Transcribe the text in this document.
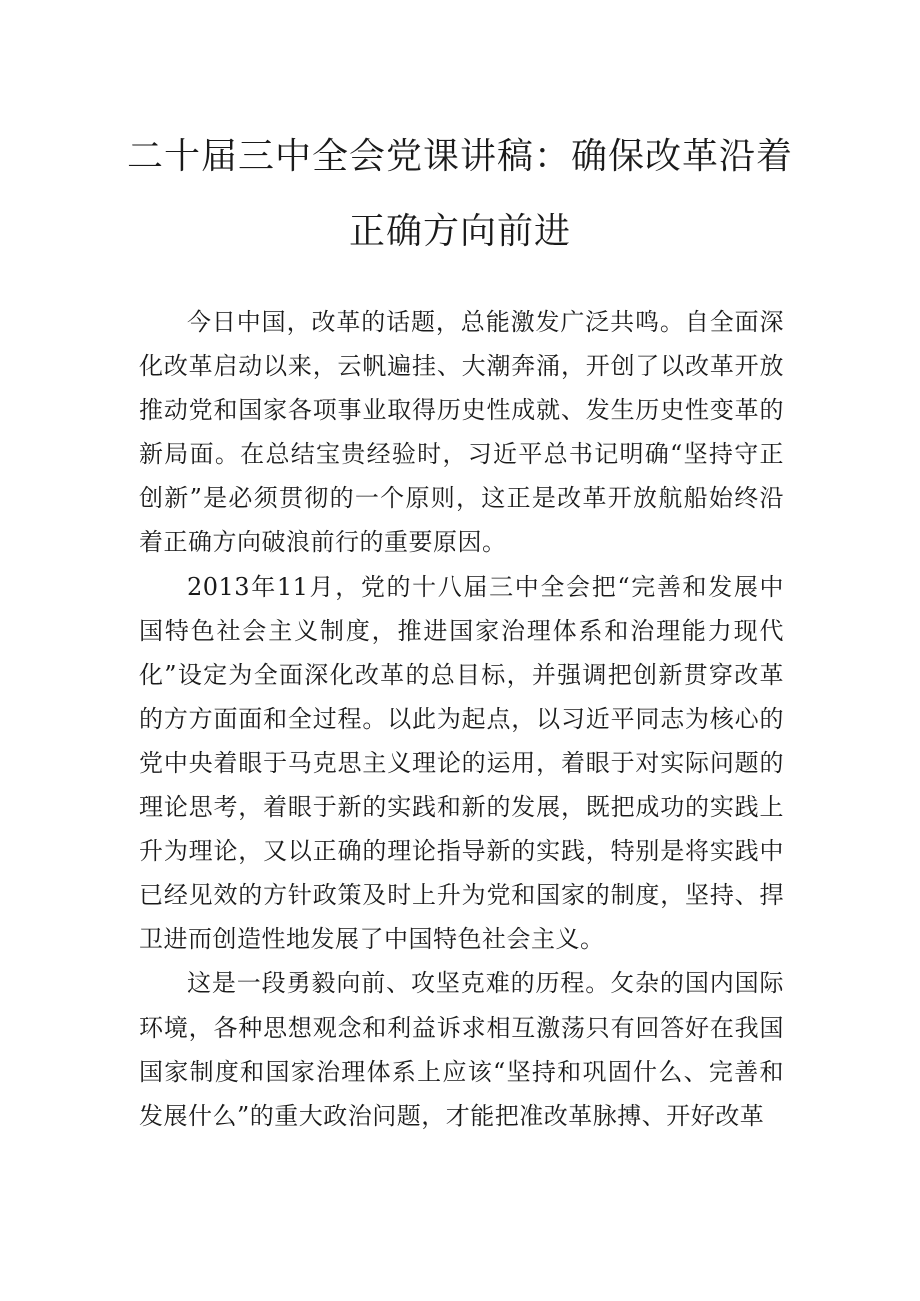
二十届三中全会党课讲稿：确保改革沿着
正确方向前进

今日中国，改革的话题，总能激发广泛共鸣。自全面深化改革启动以来，云帆遍挂、大潮奔涌，开创了以改革开放推动党和国家各项事业取得历史性成就、发生历史性变革的新局面。在总结宝贵经验时，习近平总书记明确“坚持守正创新”是必须贯彻的一个原则，这正是改革开放航船始终沿着正确方向破浪前行的重要原因。

2013年11月，党的十八届三中全会把“完善和发展中国特色社会主义制度，推进国家治理体系和治理能力现代化”设定为全面深化改革的总目标，并强调把创新贯穿改革的方方面面和全过程。以此为起点，以习近平同志为核心的党中央着眼于马克思主义理论的运用，着眼于对实际问题的理论思考，着眼于新的实践和新的发展，既把成功的实践上升为理论，又以正确的理论指导新的实践，特别是将实践中已经见效的方针政策及时上升为党和国家的制度，坚持、捍卫进而创造性地发展了中国特色社会主义。

这是一段勇毅向前、攻坚克难的历程。攵杂的国内国际环境，各种思想观念和利益诉求相互激荡只有回答好在我国国家制度和国家治理体系上应该“坚持和巩固什么、完善和发展什么”的重大政治问题，才能把准改革脉搏、开好改革
